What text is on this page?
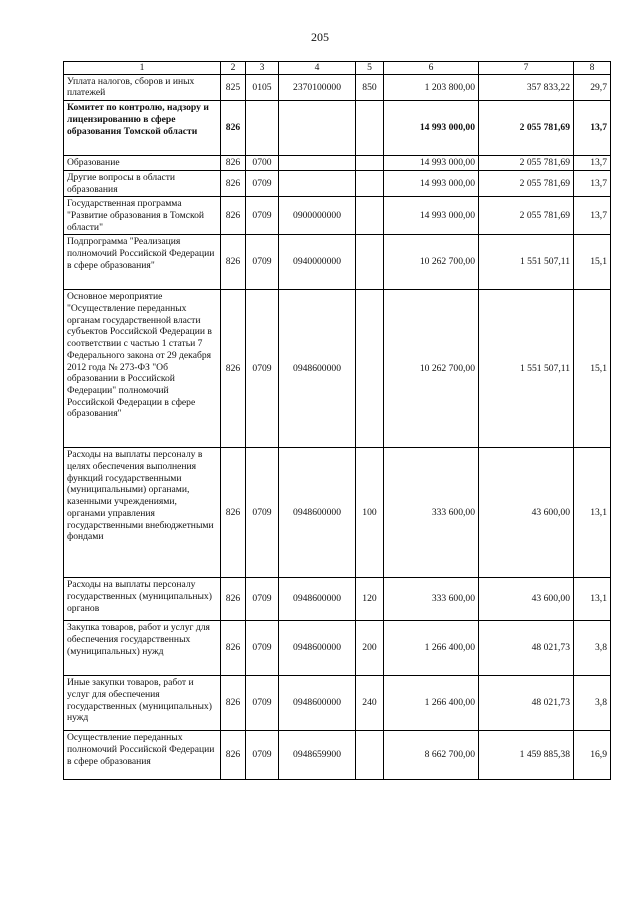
205
1	2	3	4	5	6	7	8
Уплата налогов, сборов и иных платежей	825	0105	2370100000	850	1 203 800,00	357 833,22	29,7
Комитет по контролю, надзору и лицензированию в сфере образования Томской области	826				14 993 000,00	2 055 781,69	13,7
Образование	826	0700			14 993 000,00	2 055 781,69	13,7
Другие вопросы в области образования	826	0709			14 993 000,00	2 055 781,69	13,7
Государственная программа "Развитие образования в Томской области"	826	0709	0900000000		14 993 000,00	2 055 781,69	13,7
Подпрограмма "Реализация полномочий Российской Федерации в сфере образования"	826	0709	0940000000		10 262 700,00	1 551 507,11	15,1
Основное мероприятие "Осуществление переданных органам государственной власти субъектов Российской Федерации в соответствии с частью 1 статьи 7 Федерального закона от 29 декабря 2012 года № 273-ФЗ "Об образовании в Российской Федерации" полномочий Российской Федерации в сфере образования"	826	0709	0948600000		10 262 700,00	1 551 507,11	15,1
Расходы на выплаты персоналу в целях обеспечения выполнения функций государственными (муниципальными) органами, казенными учреждениями, органами управления государственными внебюджетными фондами	826	0709	0948600000	100	333 600,00	43 600,00	13,1
Расходы на выплаты персоналу государственных (муниципальных) органов	826	0709	0948600000	120	333 600,00	43 600,00	13,1
Закупка товаров, работ и услуг для обеспечения государственных (муниципальных) нужд	826	0709	0948600000	200	1 266 400,00	48 021,73	3,8
Иные закупки товаров, работ и услуг для обеспечения государственных (муниципальных) нужд	826	0709	0948600000	240	1 266 400,00	48 021,73	3,8
Осуществление переданных полномочий Российской Федерации в сфере образования	826	0709	0948659900		8 662 700,00	1 459 885,38	16,9
